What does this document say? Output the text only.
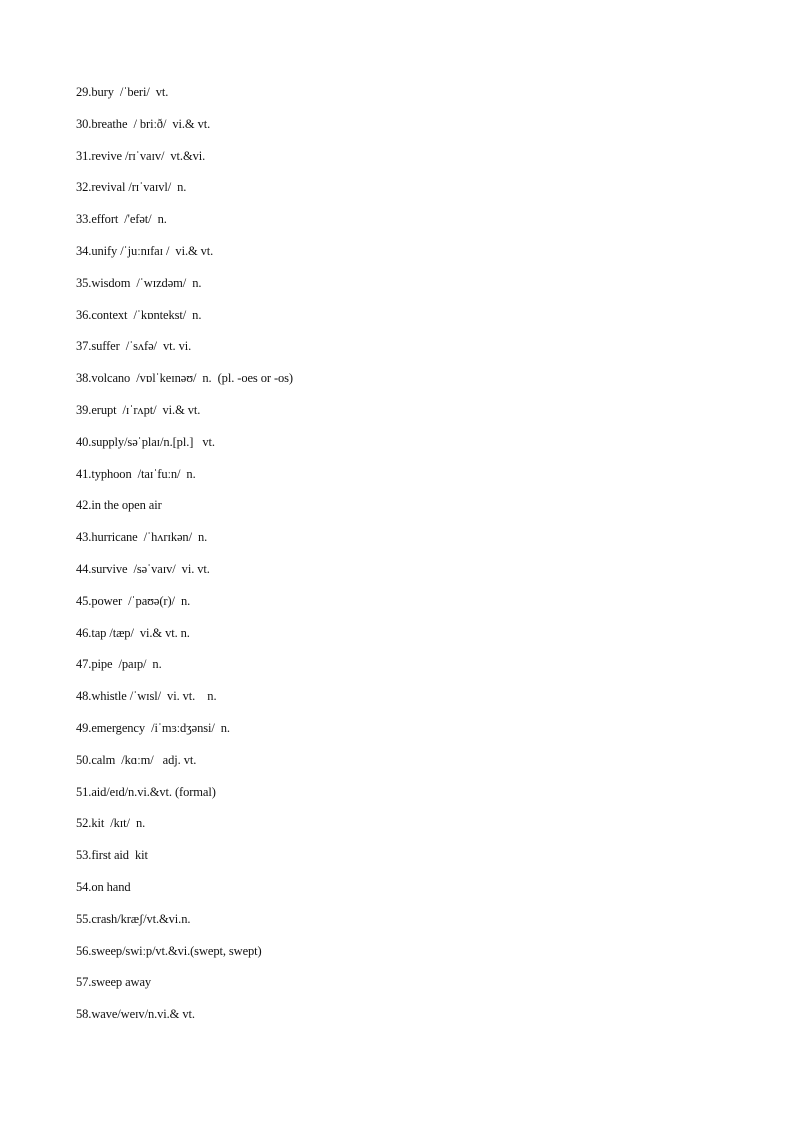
29.bury  /ˈberi/  vt.
30.breathe  / briːð/  vi.& vt.
31.revive /rɪˈvaɪv/  vt.&vi.
32.revival /rɪˈvaɪvl/  n.
33.effort  /'efət/  n.
34.unify /ˈjuːnɪfaɪ /  vi.& vt.
35.wisdom  /ˈwɪzdəm/  n.
36.context  /ˈkɒntekst/  n.
37.suffer  /ˈsʌfə/  vt. vi.
38.volcano  /vɒlˈkeɪnəʊ/  n.  (pl. -oes or -os)
39.erupt  /ɪˈrʌpt/  vi.& vt.
40.supply/səˈplaɪ/n.[pl.]   vt.
41.typhoon  /taɪˈfuːn/  n.
42.in the open air
43.hurricane  /ˈhʌrɪkən/  n.
44.survive  /səˈvaɪv/  vi. vt.
45.power  /ˈpaʊə(r)/  n.
46.tap /tæp/  vi.& vt. n.
47.pipe  /paɪp/  n.
48.whistle /ˈwɪsl/  vi. vt.    n.
49.emergency  /iˈmɜːdʒənsi/  n.
50.calm  /kɑːm/   adj. vt.
51.aid/eɪd/n.vi.&vt. (formal)
52.kit  /kɪt/  n.
53.first aid  kit
54.on hand
55.crash/kræʃ/vt.&vi.n.
56.sweep/swiːp/vt.&vi.(swept, swept)
57.sweep away
58.wave/weɪv/n.vi.& vt.
